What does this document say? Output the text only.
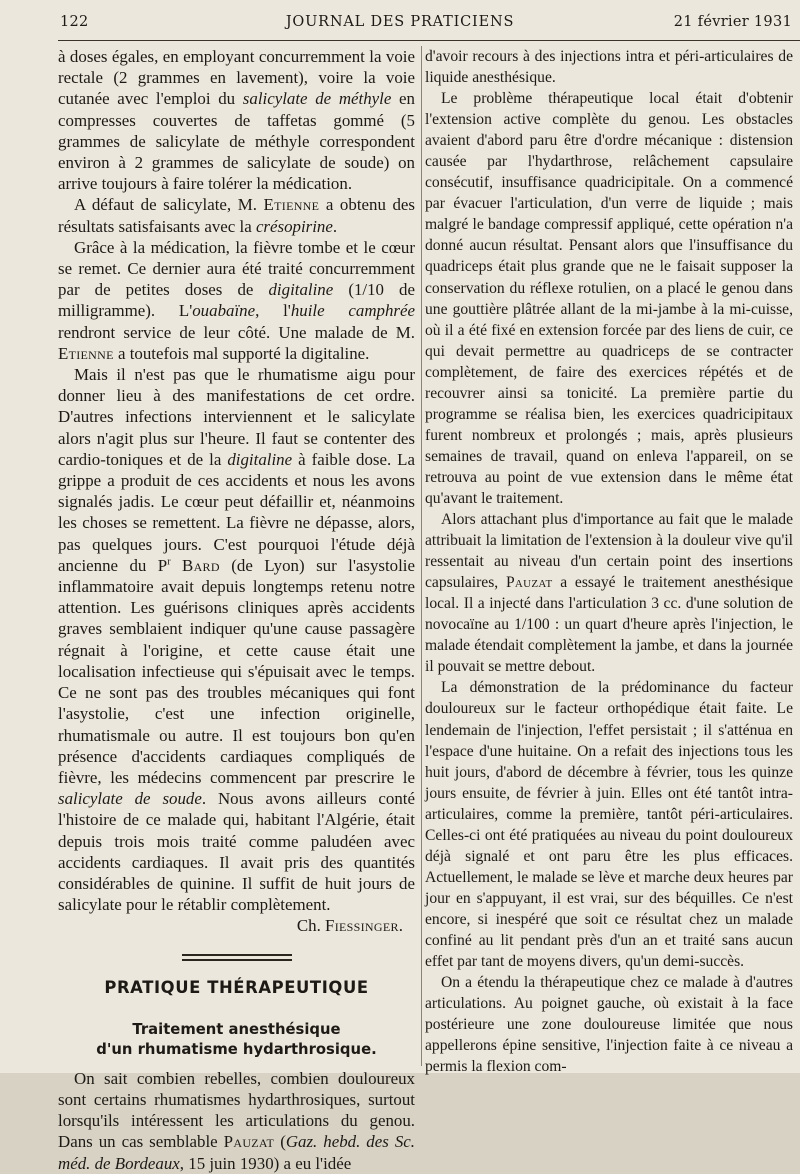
122	JOURNAL DES PRATICIENS	21 février 1931

à doses égales, en employant concurremment la voie rectale (2 grammes en lavement), voire la voie cutanée avec l'emploi du salicylate de méthyle en compresses couvertes de taffetas gommé (5 grammes de salicylate de méthyle correspondent environ à 2 grammes de salicylate de soude) on arrive toujours à faire tolérer la médication.

A défaut de salicylate, M. Etienne a obtenu des résultats satisfaisants avec la crésopirine.

Grâce à la médication, la fièvre tombe et le cœur se remet. Ce dernier aura été traité concurremment par de petites doses de digitaline (1/10 de milligramme). L'ouabaïne, l'huile camphrée rendront service de leur côté. Une malade de M. Etienne a toutefois mal supporté la digitaline.

Mais il n'est pas que le rhumatisme aigu pour donner lieu à des manifestations de cet ordre. D'autres infections interviennent et le salicylate alors n'agit plus sur l'heure. Il faut se contenter des cardio-toniques et de la digitaline à faible dose. La grippe a produit de ces accidents et nous les avons signalés jadis. Le cœur peut défaillir et, néanmoins les choses se remettent. La fièvre ne dépasse, alors, pas quelques jours. C'est pourquoi l'étude déjà ancienne du $P^r$ Bard (de Lyon) sur l'asystolie inflammatoire avait depuis longtemps retenu notre attention. Les guérisons cliniques après accidents graves semblaient indiquer qu'une cause passagère régnait à l'origine, et cette cause était une localisation infectieuse qui s'épuisait avec le temps. Ce ne sont pas des troubles mécaniques qui font l'asystolie, c'est une infection originelle, rhumatismale ou autre. Il est toujours bon qu'en présence d'accidents cardiaques compliqués de fièvre, les médecins commencent par prescrire le salicylate de soude. Nous avons ailleurs conté l'histoire de ce malade qui, habitant l'Algérie, était depuis trois mois traité comme paludéen avec accidents cardiaques. Il avait pris des quantités considérables de quinine. Il suffit de huit jours de salicylate pour le rétablir complètement.

Ch. Fiessinger.

PRATIQUE THÉRAPEUTIQUE
Traitement anesthésique
d'un rhumatisme hydarthrosique.

On sait combien rebelles, combien douloureux sont certains rhumatismes hydarthrosiques, surtout lorsqu'ils intéressent les articulations du genou. Dans un cas semblable Pauzat (Gaz. hebd. des Sc. méd. de Bordeaux, 15 juin 1930) a eu l'idée

d'avoir recours à des injections intra et péri-articulaires de liquide anesthésique.

Le problème thérapeutique local était d'obtenir l'extension active complète du genou. Les obstacles avaient d'abord paru être d'ordre mécanique : distension causée par l'hydarthrose, relâchement capsulaire consécutif, insuffisance quadricipitale. On a commencé par évacuer l'articulation, d'un verre de liquide ; mais malgré le bandage compressif appliqué, cette opération n'a donné aucun résultat. Pensant alors que l'insuffisance du quadriceps était plus grande que ne le faisait supposer la conservation du réflexe rotulien, on a placé le genou dans une gouttière plâtrée allant de la mi-jambe à la mi-cuisse, où il a été fixé en extension forcée par des liens de cuir, ce qui devait permettre au quadriceps de se contracter complètement, de faire des exercices répétés et de recouvrer ainsi sa tonicité. La première partie du programme se réalisa bien, les exercices quadricipitaux furent nombreux et prolongés ; mais, après plusieurs semaines de travail, quand on enleva l'appareil, on se retrouva au point de vue extension dans le même état qu'avant le traitement.

Alors attachant plus d'importance au fait que le malade attribuait la limitation de l'extension à la douleur vive qu'il ressentait au niveau d'un certain point des insertions capsulaires, Pauzat a essayé le traitement anesthésique local. Il a injecté dans l'articulation 3 cc. d'une solution de novocaïne au 1/100 : un quart d'heure après l'injection, le malade étendait complètement la jambe, et dans la journée il pouvait se mettre debout.

La démonstration de la prédominance du facteur douloureux sur le facteur orthopédique était faite. Le lendemain de l'injection, l'effet persistait ; il s'atténua en l'espace d'une huitaine. On a refait des injections tous les huit jours, d'abord de décembre à février, tous les quinze jours ensuite, de février à juin. Elles ont été tantôt intra-articulaires, comme la première, tantôt péri-articulaires. Celles-ci ont été pratiquées au niveau du point douloureux déjà signalé et ont paru être les plus efficaces. Actuellement, le malade se lève et marche deux heures par jour en s'appuyant, il est vrai, sur des béquilles. Ce n'est encore, si inespéré que soit ce résultat chez un malade confiné au lit pendant près d'un an et traité sans aucun effet par tant de moyens divers, qu'un demi-succès.

On a étendu la thérapeutique chez ce malade à d'autres articulations. Au poignet gauche, où existait à la face postérieure une zone douloureuse limitée que nous appellerons épine sensitive, l'injection faite à ce niveau a permis la flexion com-
